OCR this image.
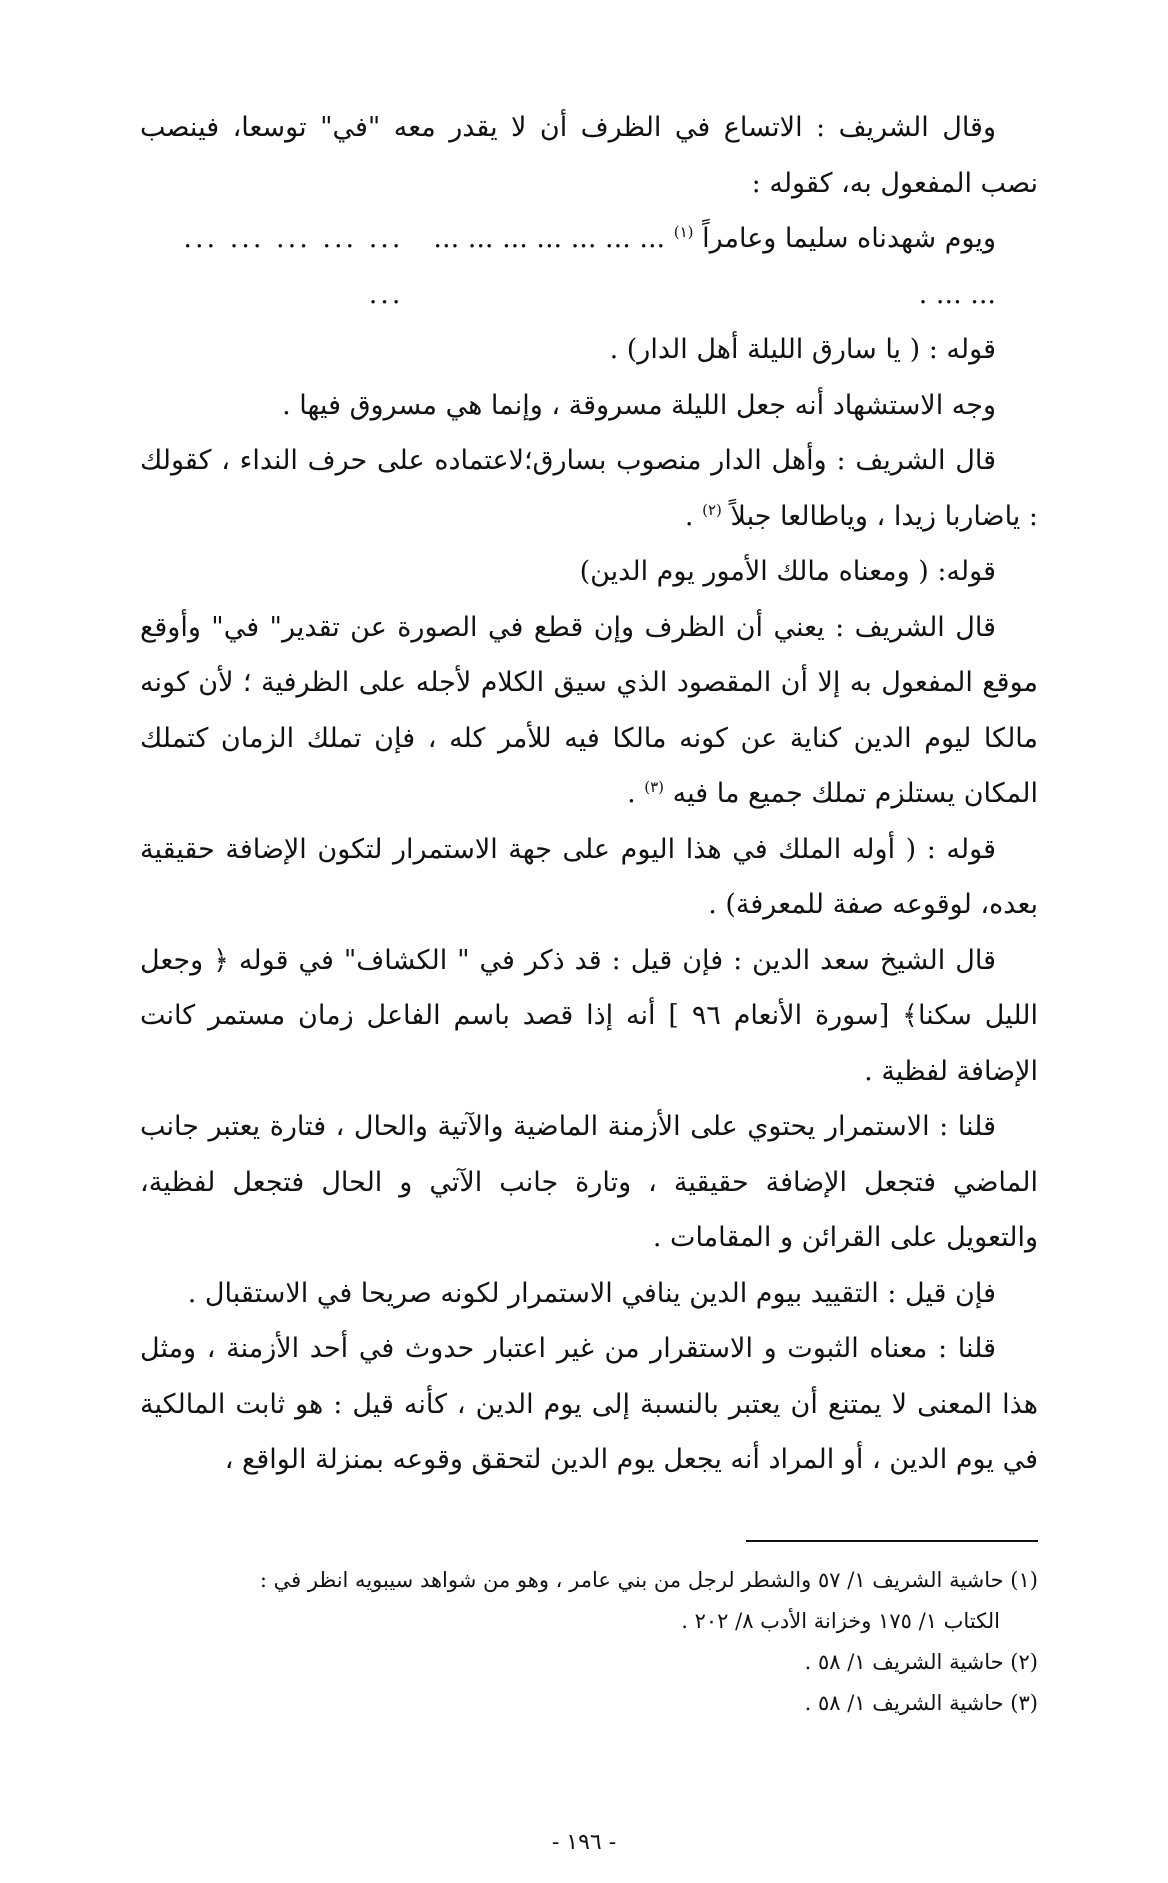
وقال الشريف : الاتساع في الظرف أن لا يقدر معه "في" توسعا، فينصب نصب المفعول به، كقوله :

ويوم شهدناه سليما وعامراً $^{(١)}$ ... ... ... ... ... ... ... ... ... .
... ... ... ... ... ...

قوله : ( يا سارق الليلة أهل الدار) .

وجه الاستشهاد أنه جعل الليلة مسروقة ، وإنما هي مسروق فيها .

قال الشريف : وأهل الدار منصوب بسارق؛لاعتماده على حرف النداء ، كقولك : ياضاربا زيدا ، وياطالعا جبلاً $^{(٢)}$ .

قوله: ( ومعناه مالك الأمور يوم الدين)

قال الشريف : يعني أن الظرف وإن قطع في الصورة عن تقدير" في" وأوقع موقع المفعول به إلا أن المقصود الذي سيق الكلام لأجله على الظرفية ؛ لأن كونه مالكا ليوم الدين كناية عن كونه مالكا فيه للأمر كله ، فإن تملك الزمان كتملك المكان يستلزم تملك جميع ما فيه $^{(٣)}$ .

قوله : ( أوله الملك في هذا اليوم على جهة الاستمرار لتكون الإضافة حقيقية بعده، لوقوعه صفة للمعرفة) .

قال الشيخ سعد الدين : فإن قيل : قد ذكر في " الكشاف" في قوله ﴿ وجعل الليل سكنا﴾ [سورة الأنعام ٩٦ ] أنه إذا قصد باسم الفاعل زمان مستمر كانت الإضافة لفظية .

قلنا : الاستمرار يحتوي على الأزمنة الماضية والآتية والحال ، فتارة يعتبر جانب الماضي فتجعل الإضافة حقيقية ، وتارة جانب الآتي و الحال فتجعل لفظية، والتعويل على القرائن و المقامات .

فإن قيل : التقييد بيوم الدين ينافي الاستمرار لكونه صريحا في الاستقبال .

قلنا : معناه الثبوت و الاستقرار من غير اعتبار حدوث في أحد الأزمنة ، ومثل هذا المعنى لا يمتنع أن يعتبر بالنسبة إلى يوم الدين ، كأنه قيل : هو ثابت المالكية في يوم الدين ، أو المراد أنه يجعل يوم الدين لتحقق وقوعه بمنزلة الواقع ،

(١) حاشية الشريف ١/ ٥٧ والشطر لرجل من بني عامر ، وهو من شواهد سيبويه انظر في :

الكتاب ١/ ١٧٥ وخزانة الأدب ٨/ ٢٠٢ .

(٢) حاشية الشريف ١/ ٥٨ .

(٣) حاشية الشريف ١/ ٥٨ .

- ١٩٦ -
